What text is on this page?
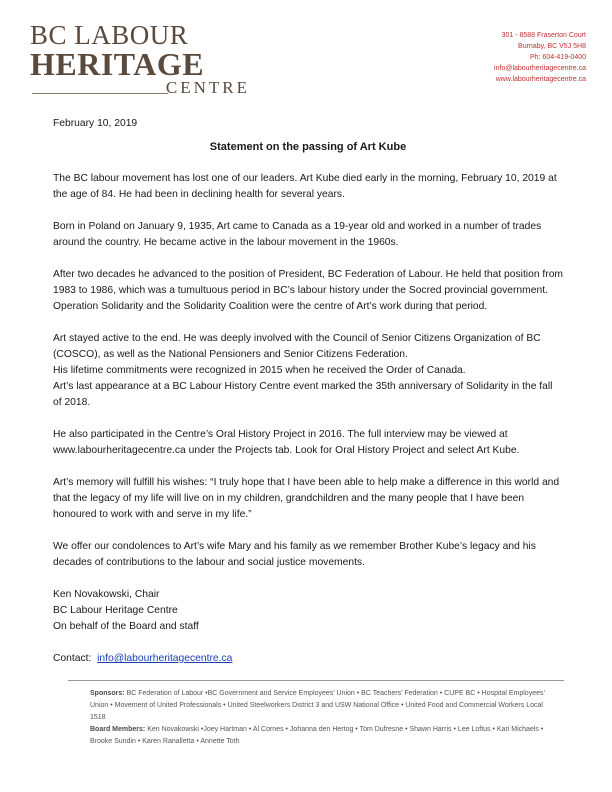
BC LABOUR
HERITAGE
CENTRE
301 - 8588 Fraserton Court
Burnaby, BC V5J 5H8
Ph: 604-419-0400
info@labourheritagecentre.ca
www.labourheritagecentre.ca
February 10, 2019
Statement on the passing of Art Kube

The BC labour movement has lost one of our leaders. Art Kube died early in the morning, February 10, 2019 at the age of 84. He had been in declining health for several years.

Born in Poland on January 9, 1935, Art came to Canada as a 19-year old and worked in a number of trades around the country. He became active in the labour movement in the 1960s.

After two decades he advanced to the position of President, BC Federation of Labour. He held that position from 1983 to 1986, which was a tumultuous period in BC’s labour history under the Socred provincial government. Operation Solidarity and the Solidarity Coalition were the centre of Art’s work during that period.

Art stayed active to the end. He was deeply involved with the Council of Senior Citizens Organization of BC (COSCO), as well as the National Pensioners and Senior Citizens Federation.
His lifetime commitments were recognized in 2015 when he received the Order of Canada.
Art’s last appearance at a BC Labour History Centre event marked the 35th anniversary of Solidarity in the fall of 2018.

He also participated in the Centre’s Oral History Project in 2016. The full interview may be viewed at www.labourheritagecentre.ca under the Projects tab. Look for Oral History Project and select Art Kube.

Art’s memory will fulfill his wishes: “I truly hope that I have been able to help make a difference in this world and that the legacy of my life will live on in my children, grandchildren and the many people that I have been honoured to work with and serve in my life.”

We offer our condolences to Art’s wife Mary and his family as we remember Brother Kube’s legacy and his decades of contributions to the labour and social justice movements.

Ken Novakowski, Chair

BC Labour Heritage Centre

On behalf of the Board and staff

Contact: info@labourheritagecentre.ca
Sponsors: BC Federation of Labour •BC Government and Service Employees’ Union • BC Teachers’ Federation • CUPE BC • Hospital Employees’ Union • Movement of United Professionals • United Steelworkers District 3 and USW National Office • United Food and Commercial Workers Local 1518
Board Members: Ken Novakowski •Joey Hartman • Al Cornes • Johanna den Hertog • Tom Dufresne • Shawn Harris • Lee Loftus • Kari Michaels • Brooke Sundin • Karen Ranalletta • Annette Toth
